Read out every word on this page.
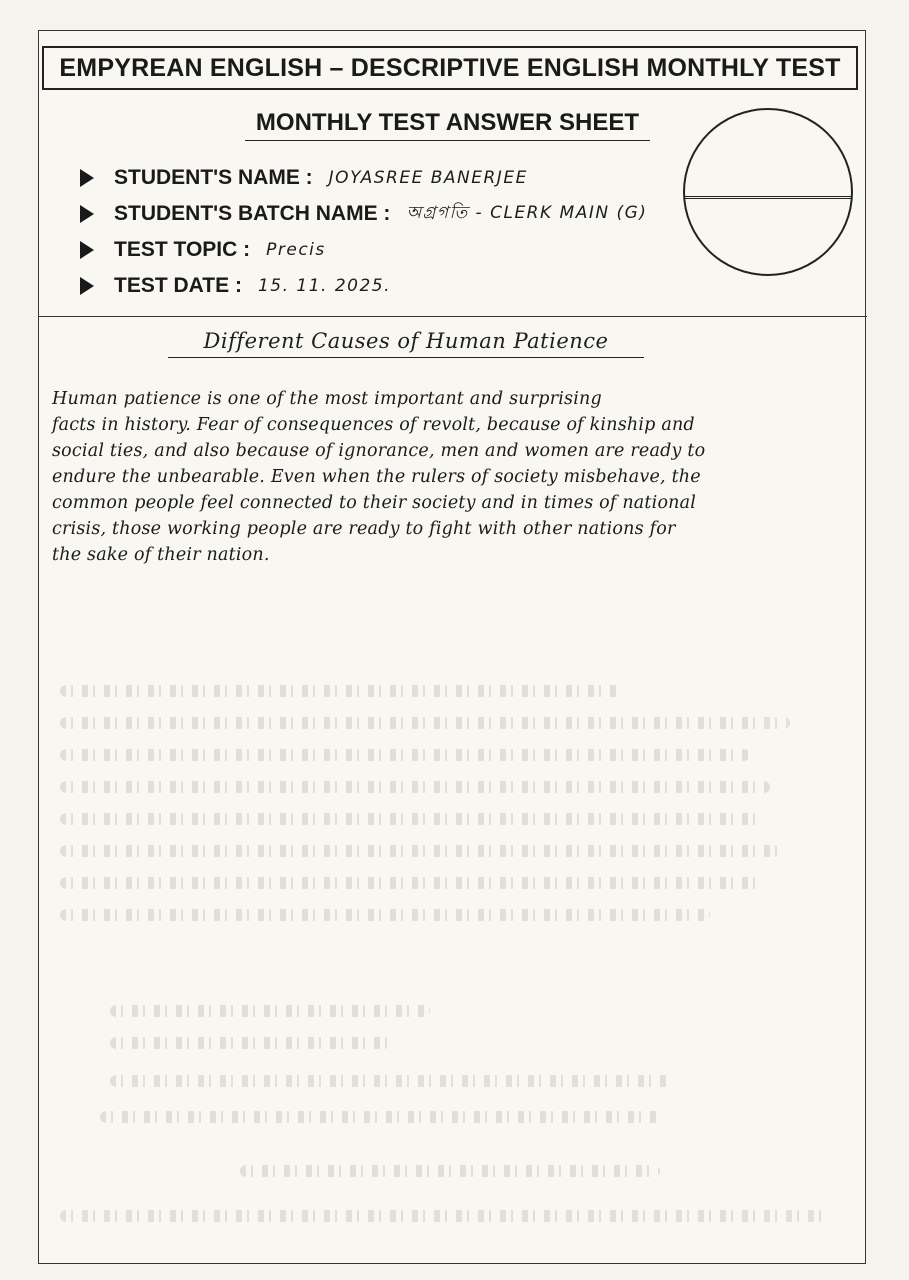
EMPYREAN ENGLISH – DESCRIPTIVE ENGLISH MONTHLY TEST
MONTHLY TEST ANSWER SHEET
STUDENT'S NAME : JOYASREE BANERJEE
STUDENT'S BATCH NAME : অগ্রগতি - CLERK MAIN (G)
TEST TOPIC : Precis
TEST DATE : 15. 11. 2025.
Different Causes of Human Patience
Human patience is one of the most important and surprising
facts in history. Fear of consequences of revolt, because of kinship and
social ties, and also because of ignorance, men and women are ready to
endure the unbearable. Even when the rulers of society misbehave, the
common people feel connected to their society and in times of national
crisis, those working people are ready to fight with other nations for
the sake of their nation.
